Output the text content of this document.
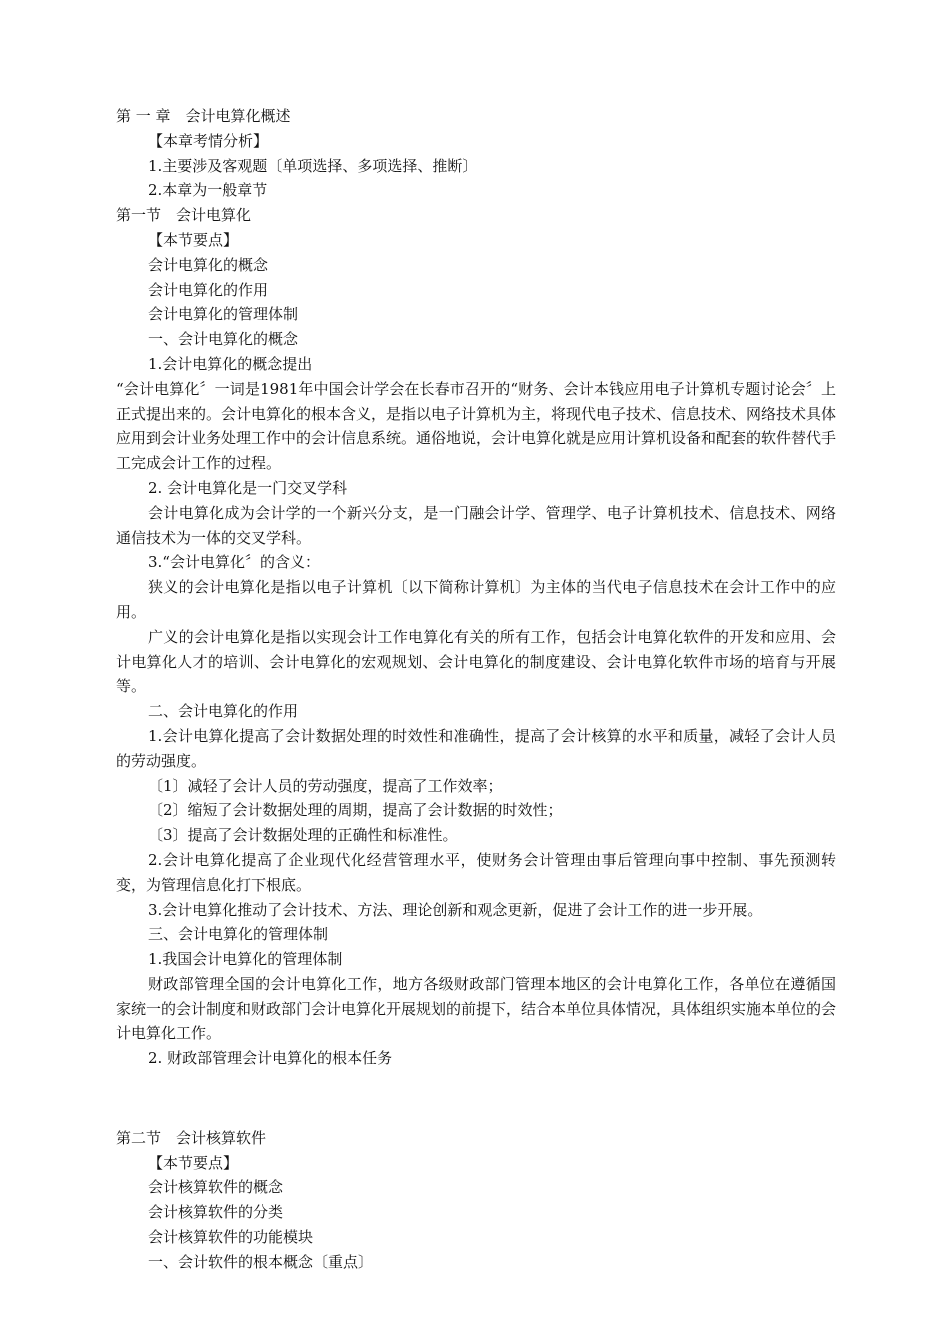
第 一 章　会计电算化概述

【本章考情分析】

1.主要涉及客观题〔单项选择、多项选择、推断〕

2.本章为一般章节

第一节　会计电算化

【本节要点】

会计电算化的概念

会计电算化的作用

会计电算化的管理体制

一、会计电算化的概念

1.会计电算化的概念提出

“会计电算化〞一词是1981年中国会计学会在长春市召开的“财务、会计本钱应用电子计算机专题讨论会〞上正式提出来的。会计电算化的根本含义，是指以电子计算机为主，将现代电子技术、信息技术、网络技术具体应用到会计业务处理工作中的会计信息系统。通俗地说，会计电算化就是应用计算机设备和配套的软件替代手工完成会计工作的过程。

2. 会计电算化是一门交叉学科

会计电算化成为会计学的一个新兴分支，是一门融会计学、管理学、电子计算机技术、信息技术、网络通信技术为一体的交叉学科。

3.“会计电算化〞的含义：

狭义的会计电算化是指以电子计算机〔以下简称计算机〕为主体的当代电子信息技术在会计工作中的应用。

广义的会计电算化是指以实现会计工作电算化有关的所有工作，包括会计电算化软件的开发和应用、会计电算化人才的培训、会计电算化的宏观规划、会计电算化的制度建设、会计电算化软件市场的培育与开展等。

二、会计电算化的作用

1.会计电算化提高了会计数据处理的时效性和准确性，提高了会计核算的水平和质量，减轻了会计人员的劳动强度。

〔1〕减轻了会计人员的劳动强度，提高了工作效率；

〔2〕缩短了会计数据处理的周期，提高了会计数据的时效性；

〔3〕提高了会计数据处理的正确性和标准性。

2.会计电算化提高了企业现代化经营管理水平，使财务会计管理由事后管理向事中控制、事先预测转变，为管理信息化打下根底。

3.会计电算化推动了会计技术、方法、理论创新和观念更新，促进了会计工作的进一步开展。

三、会计电算化的管理体制

1.我国会计电算化的管理体制

财政部管理全国的会计电算化工作，地方各级财政部门管理本地区的会计电算化工作，各单位在遵循国家统一的会计制度和财政部门会计电算化开展规划的前提下，结合本单位具体情况，具体组织实施本单位的会计电算化工作。

2. 财政部管理会计电算化的根本任务

第二节　会计核算软件

【本节要点】

会计核算软件的概念

会计核算软件的分类

会计核算软件的功能模块

一、会计软件的根本概念〔重点〕
